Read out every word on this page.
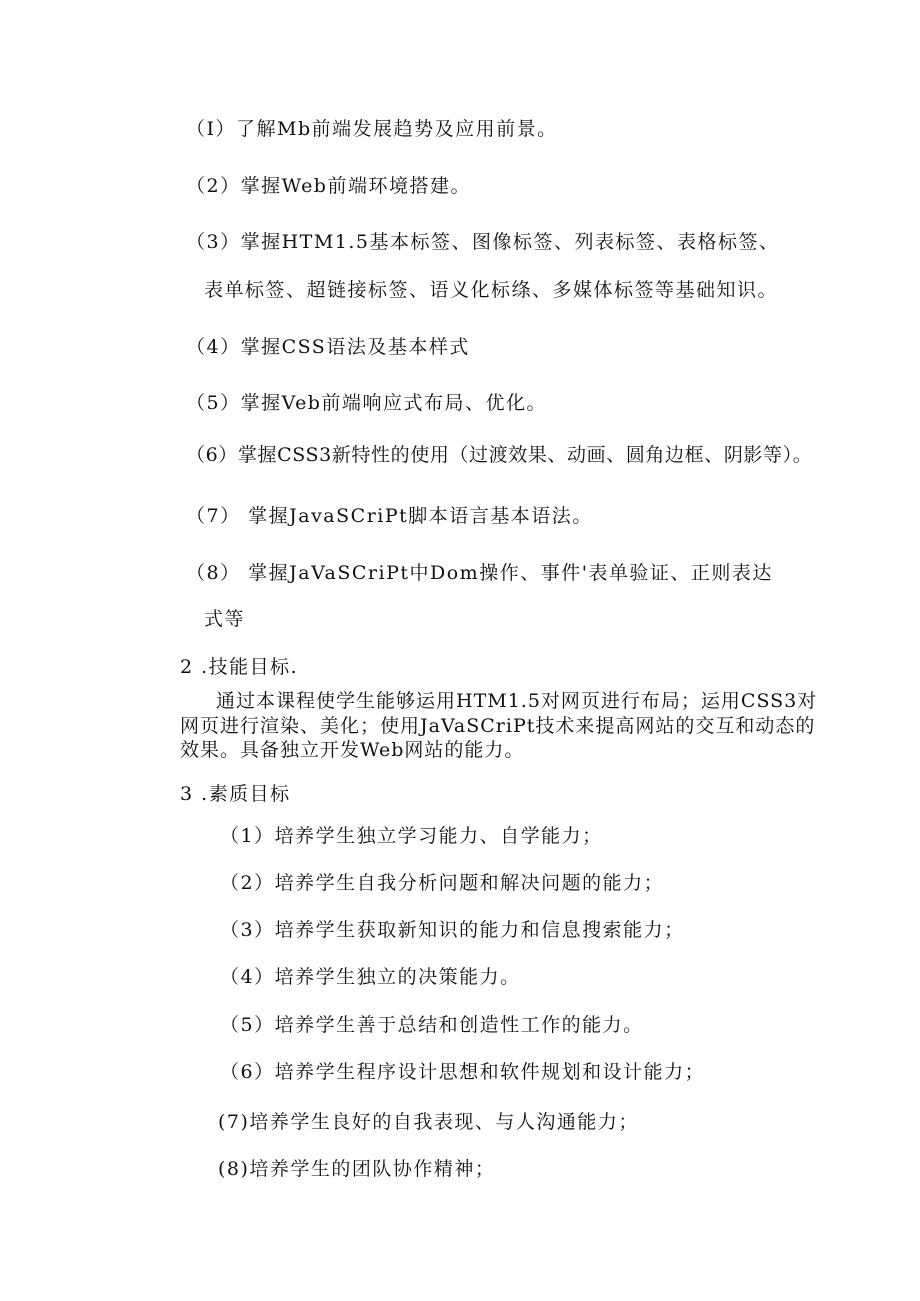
（I）了解Mb前端发展趋势及应用前景。
（2）掌握Web前端环境搭建。
（3）掌握HTM1.5基本标签、图像标签、列表标签、表格标签、
表单标签、超链接标签、语义化标绦、多媒体标签等基础知识。
（4）掌握CSS语法及基本样式
（5）掌握Veb前端响应式布局、优化。
（6）掌握CSS3新特性的使用（过渡效果、动画、圆角边框、阴影等）。
（7） 掌握JavaSCriPt脚本语言基本语法。
（8） 掌握JaVaSCriPt中Dom操作、事件'表单验证、正则表达
式等
2 .技能目标.
通过本课程使学生能够运用HTM1.5对网页进行布局；运用CSS3对网页进行渲染、美化；使用JaVaSCriPt技术来提高网站的交互和动态的效果。具备独立开发Web网站的能力。
3 .素质目标
（1）培养学生独立学习能力、自学能力；
（2）培养学生自我分析问题和解决问题的能力；
（3）培养学生获取新知识的能力和信息搜索能力；
（4）培养学生独立的决策能力。
（5）培养学生善于总结和创造性工作的能力。
（6）培养学生程序设计思想和软件规划和设计能力；
(7)培养学生良好的自我表现、与人沟通能力；
(8)培养学生的团队协作精神；
